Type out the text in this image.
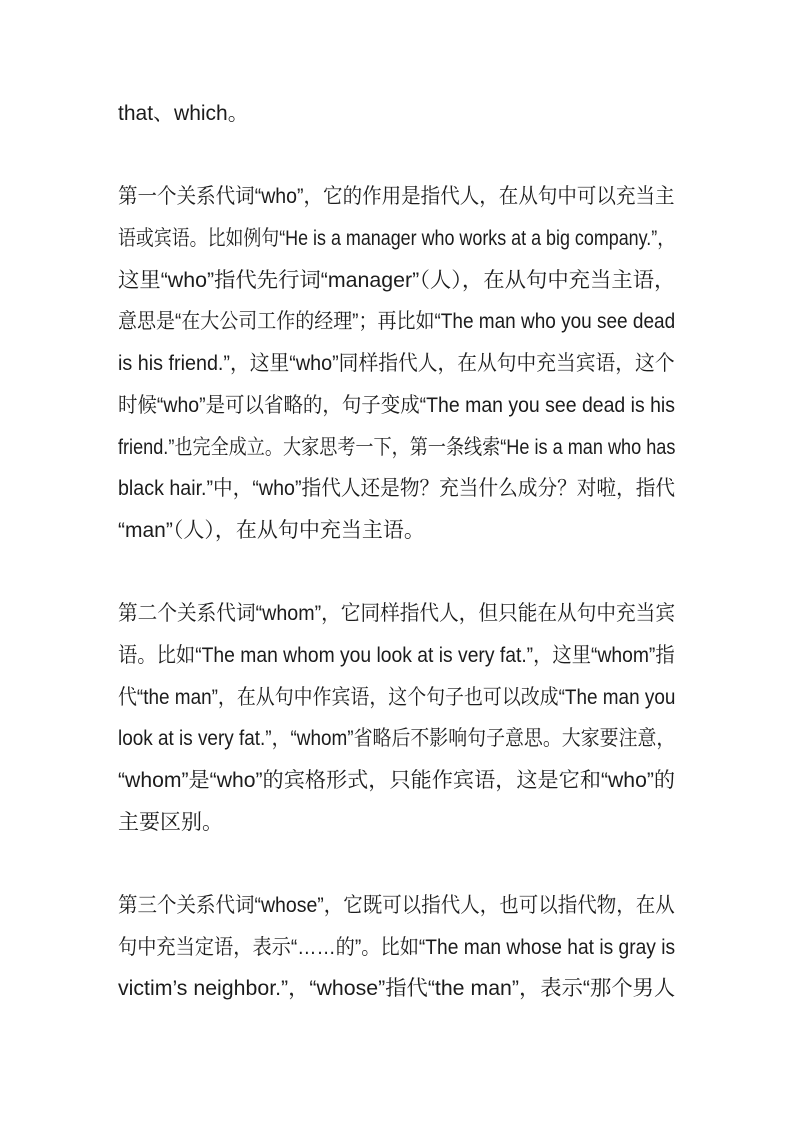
that、which。
第一个关系代词“who”，它的作用是指代人，在从句中可以充当主
语或宾语。比如例句“He is a manager who works at a big company.”，
这里“who”指代先行词“manager”（人），在从句中充当主语，
意思是“在大公司工作的经理”；再比如“The man who you see dead
is his friend.”，这里“who”同样指代人，在从句中充当宾语，这个
时候“who”是可以省略的，句子变成“The man you see dead is his
friend.”也完全成立。大家思考一下，第一条线索“He is a man who has
black hair.”中，“who”指代人还是物？充当什么成分？对啦，指代
“man”（人），在从句中充当主语。
第二个关系代词“whom”，它同样指代人，但只能在从句中充当宾
语。比如“The man whom you look at is very fat.”，这里“whom”指
代“the man”，在从句中作宾语，这个句子也可以改成“The man you
look at is very fat.”，“whom”省略后不影响句子意思。大家要注意，
“whom”是“who”的宾格形式，只能作宾语，这是它和“who”的
主要区别。
第三个关系代词“whose”，它既可以指代人，也可以指代物，在从
句中充当定语，表示“……的”。比如“The man whose hat is gray is
victim’s neighbor.”，“whose”指代“the man”，表示“那个男人
